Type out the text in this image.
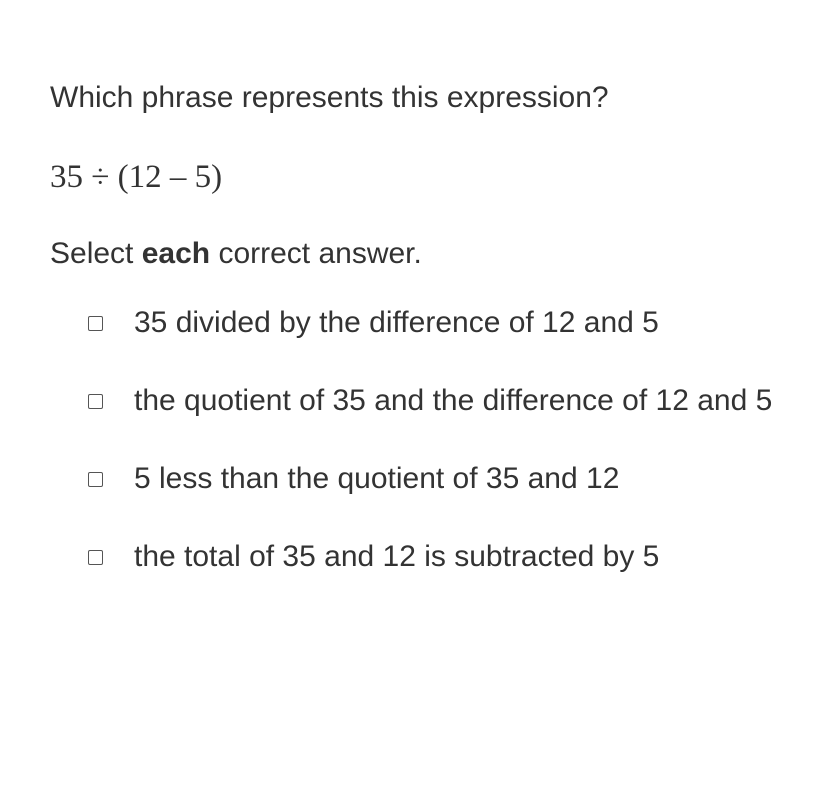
Which phrase represents this expression?
35 ÷ (12 – 5)
Select each correct answer.
35 divided by the difference of 12 and 5
the quotient of 35 and the difference of 12 and 5
5 less than the quotient of 35 and 12
the total of 35 and 12 is subtracted by 5
